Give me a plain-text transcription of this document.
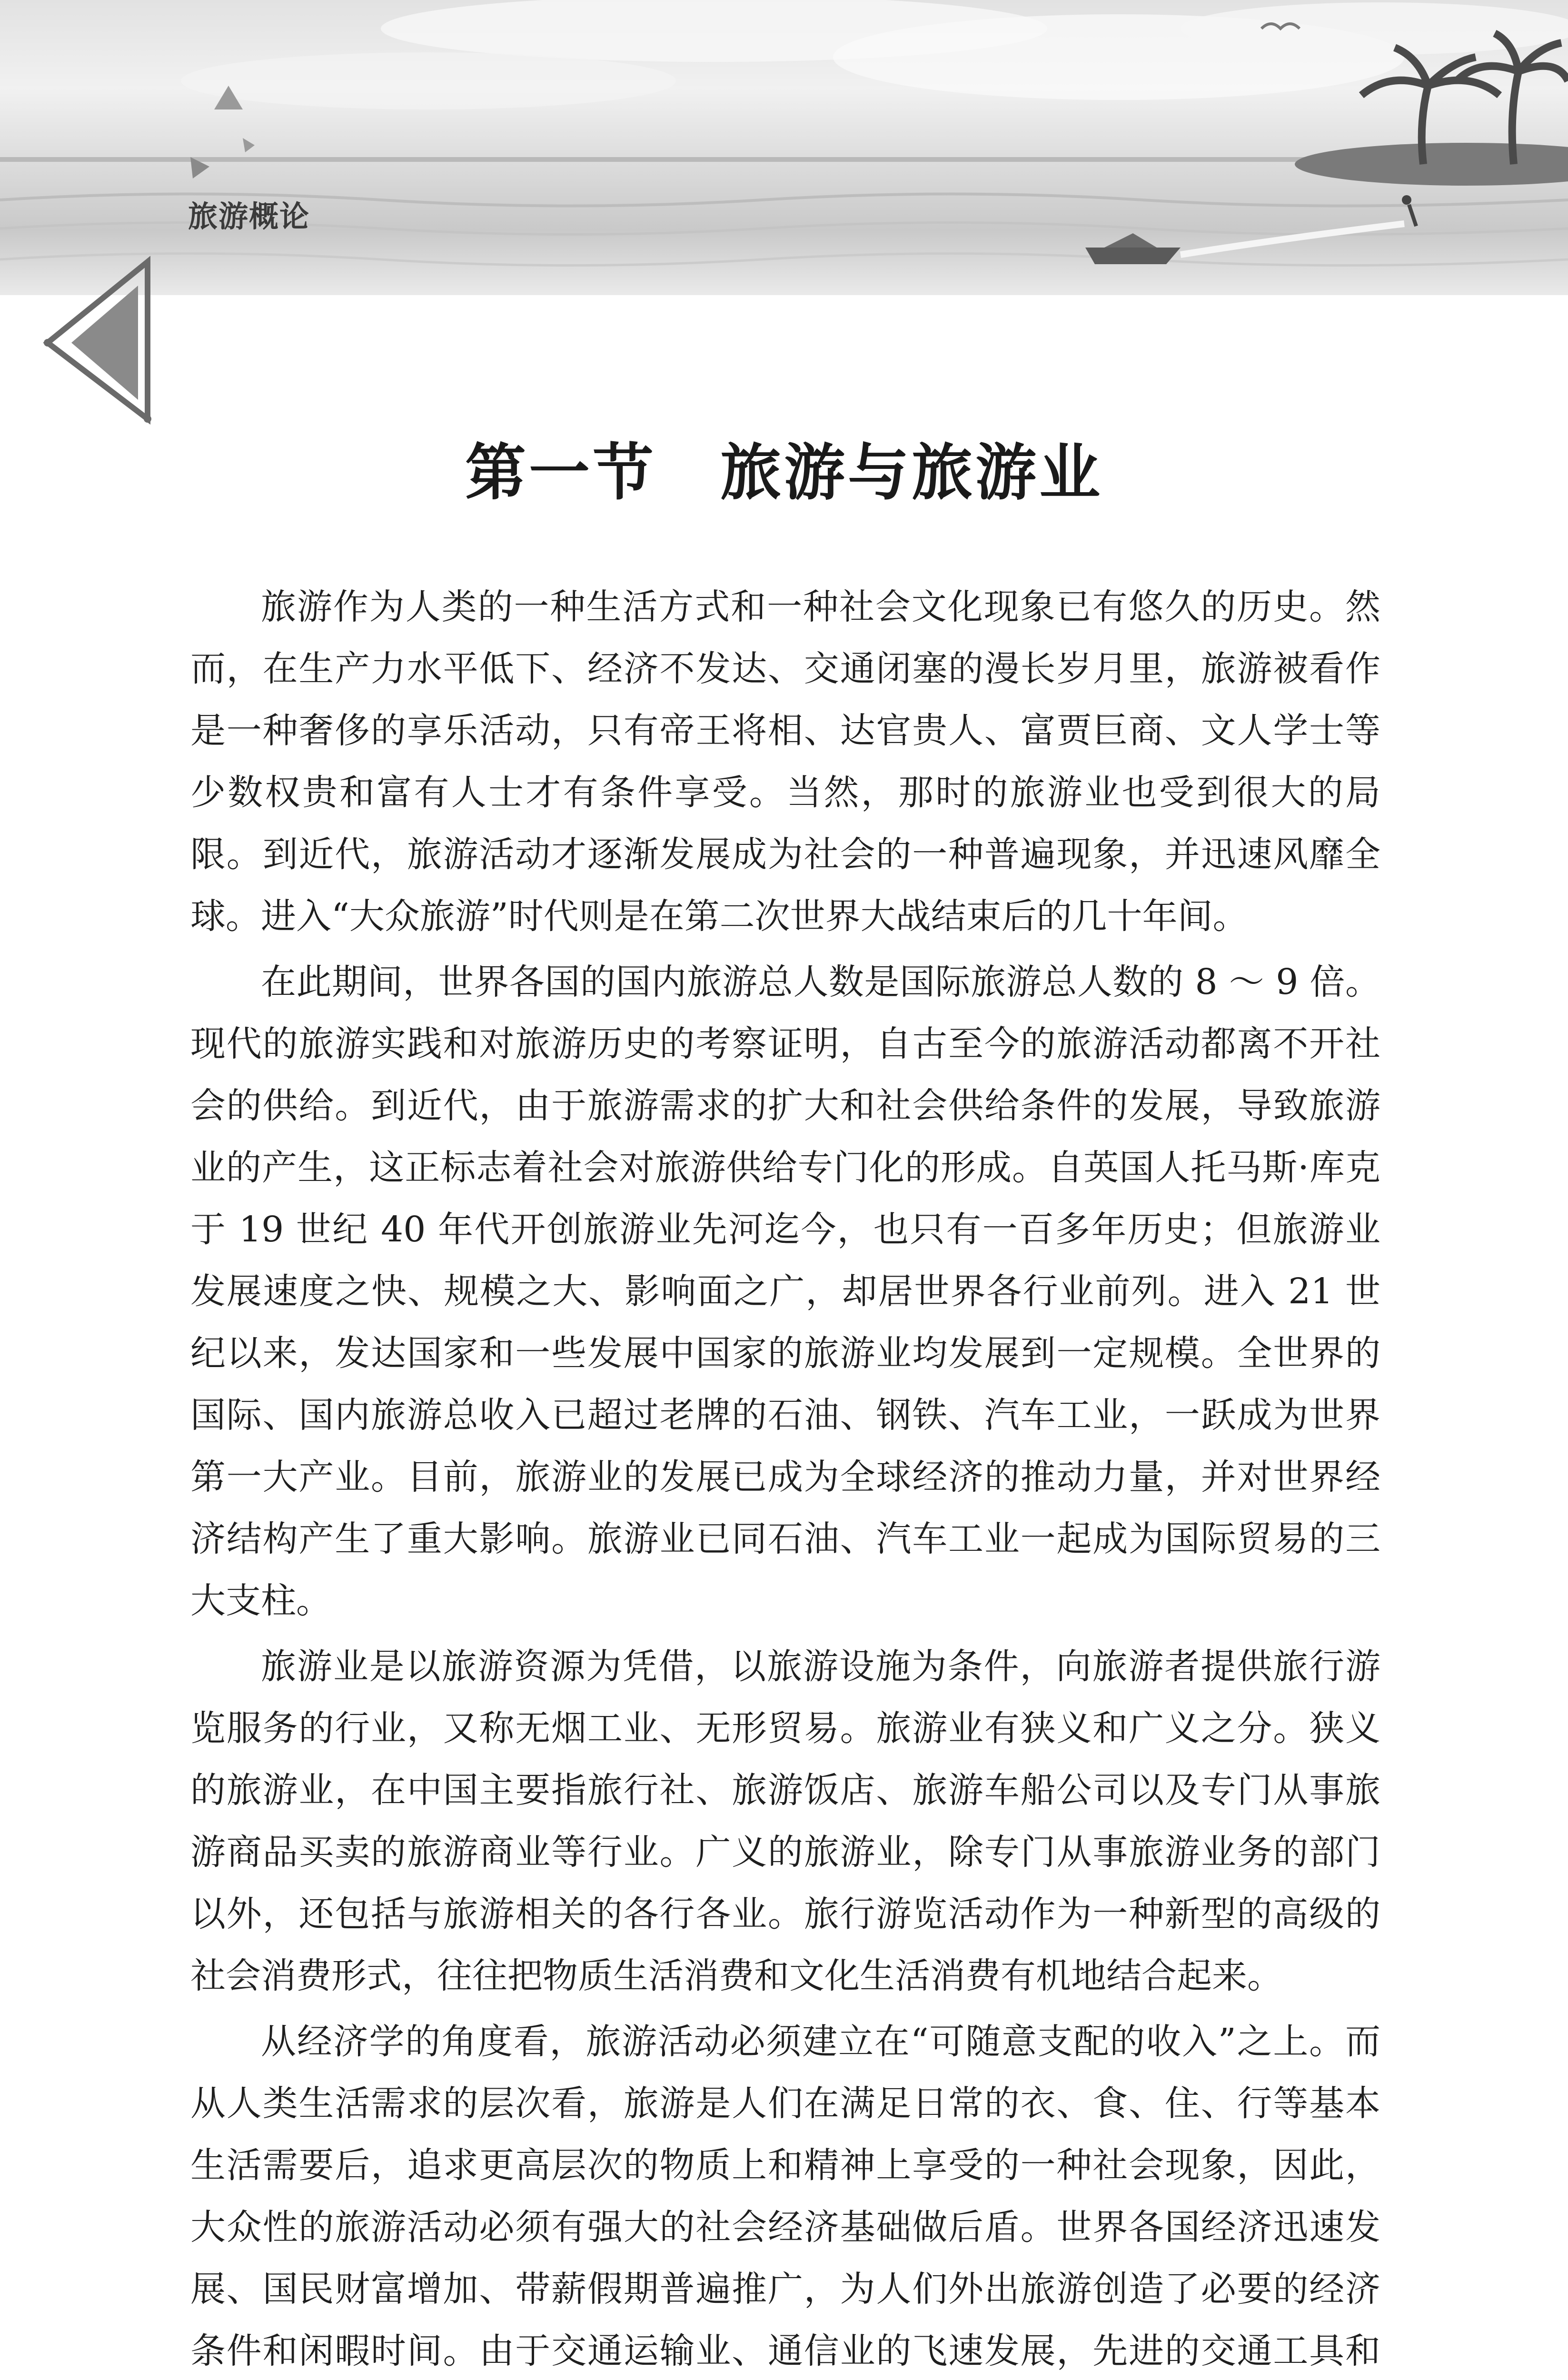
旅游概论
第一节　旅游与旅游业

旅游作为人类的一种生活方式和一种社会文化现象已有悠久的历史。然而，在生产力水平低下、经济不发达、交通闭塞的漫长岁月里，旅游被看作是一种奢侈的享乐活动，只有帝王将相、达官贵人、富贾巨商、文人学士等少数权贵和富有人士才有条件享受。当然，那时的旅游业也受到很大的局限。到近代，旅游活动才逐渐发展成为社会的一种普遍现象，并迅速风靡全球。进入“大众旅游”时代则是在第二次世界大战结束后的几十年间。

在此期间，世界各国的国内旅游总人数是国际旅游总人数的 8 ～ 9 倍。现代的旅游实践和对旅游历史的考察证明，自古至今的旅游活动都离不开社会的供给。到近代，由于旅游需求的扩大和社会供给条件的发展，导致旅游业的产生，这正标志着社会对旅游供给专门化的形成。自英国人托马斯·库克于 19 世纪 40 年代开创旅游业先河迄今，也只有一百多年历史；但旅游业发展速度之快、规模之大、影响面之广，却居世界各行业前列。进入 21 世纪以来，发达国家和一些发展中国家的旅游业均发展到一定规模。全世界的国际、国内旅游总收入已超过老牌的石油、钢铁、汽车工业，一跃成为世界第一大产业。目前，旅游业的发展已成为全球经济的推动力量，并对世界经济结构产生了重大影响。旅游业已同石油、汽车工业一起成为国际贸易的三大支柱。

旅游业是以旅游资源为凭借，以旅游设施为条件，向旅游者提供旅行游览服务的行业，又称无烟工业、无形贸易。旅游业有狭义和广义之分。狭义的旅游业，在中国主要指旅行社、旅游饭店、旅游车船公司以及专门从事旅游商品买卖的旅游商业等行业。广义的旅游业，除专门从事旅游业务的部门以外，还包括与旅游相关的各行各业。旅行游览活动作为一种新型的高级的社会消费形式，往往把物质生活消费和文化生活消费有机地结合起来。

从经济学的角度看，旅游活动必须建立在“可随意支配的收入”之上。而从人类生活需求的层次看，旅游是人们在满足日常的衣、食、住、行等基本生活需要后，追求更高层次的物质上和精神上享受的一种社会现象，因此，大众性的旅游活动必须有强大的社会经济基础做后盾。世界各国经济迅速发展、国民财富增加、带薪假期普遍推广，为人们外出旅游创造了必要的经济条件和闲暇时间。由于交通运输业、通信业的飞速发展，先进的交通工具和
